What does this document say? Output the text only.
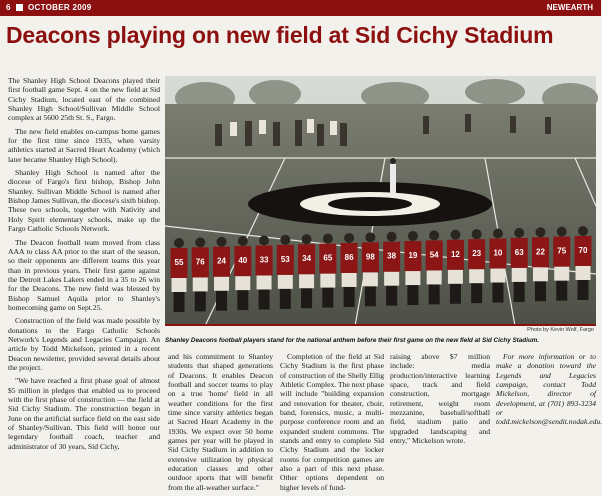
6 OCTOBER 2009	NEWEARTH
Deacons playing on new field at Sid Cichy Stadium

The Shanley High School Deacons played their first football game Sept. 4 on the new field at Sid Cichy Stadium, located east of the combined Shanley High School/Sullivan Middle School complex at 5600 25th St. S., Fargo.

The new field enables on-campus home games for the first time since 1935, when varsity athletics started at Sacred Heart Academy (which later became Shanley High School).

Shanley High School is named after the diocese of Fargo's first bishop, Bishop John Shanley. Sullivan Middle School is named after Bishop James Sullivan, the diocese's sixth bishop. These two schools, together with Nativity and Holy Spirit elementary schools, make up the Fargo Catholic Schools Network.

The Deacon football team moved from class AAA to class AA prior to the start of the season, so their opponents are different teams this year than in previous years. Their first game against the Detroit Lakes Lakers ended in a 35 to 26 win for the Deacons. The new field was blessed by Bishop Samuel Aquila prior to Shanley's homecoming game on Sept.25.

Construction of the field was made possible by donations to the Fargo Catholic Schools Network's Legends and Legacies Campaign. An article by Todd Mickelson, printed in a recent Deacon newsletter, provided several details about the project.

"We have reached a first phase goal of almost $5 million in pledges that enabled us to proceed with the first phase of construction — the field at Sid Cichy Stadium. The construction began in June on the artificial surface field on the east side of Shanley/Sullivan. This field will honor our legendary football coach, teacher and administrator of 30 years, Sid Cichy,

55 76 24 40 33 53 34 65 86 98 38 19 54 12 23 10 63 22 75 70
Photo by Kevin Wolf, Fargo
Shanley Deacons football players stand for the national anthem before their first game on the new field at Sid Cichy Stadium.

and his commitment to Shanley students that shaped generations of Deacons. It enables Deacon football and soccer teams to play on a true 'home' field in all weather conditions for the first time since varsity athletics began at Sacred Heart Academy in the 1930s. We expect over 50 home games per year will be played in Sid Cichy Stadium in addition to extensive utilization by physical education classes and other outdoor sports that will benefit from the all-weather surface."

Completion of the field at Sid Cichy Stadium is the first phase of construction of the Shelly Ellig Athletic Complex. The next phase will include "building expansion and renovation for theater, choir, band, forensics, music, a multi-purpose conference room and an expanded student commons. The stands and entry to complete Sid Cichy Stadium and the locker rooms for competition games are also a part of this next phase. Other options dependent on higher levels of fund-

raising above $7 million include: media production/interactive learning space, track and field construction, mortgage retirement, weight room mezzanine, baseball/softball field, stadium patio and upgraded landscaping and entry," Mickelson wrote.

For more information or to make a donation toward the Legends and Legacies campaign, contact Todd Mickelson, director of development, at (701) 893-3234 or todd.mickelson@sendit.nodak.edu.
